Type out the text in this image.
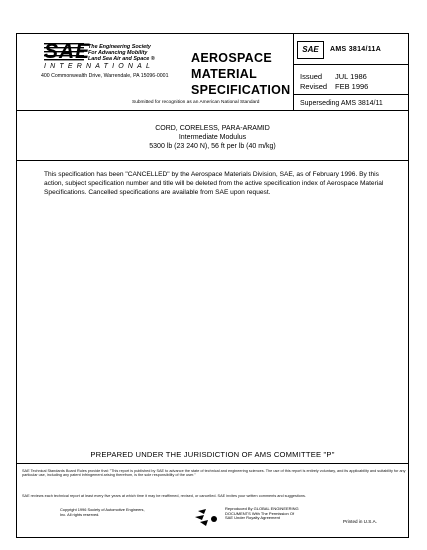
SAE
The Engineering Society
For Advancing Mobility
Land Sea Air and Space ®
INTERNATIONAL
400 Commonwealth Drive, Warrendale, PA 15096-0001
AEROSPACE
MATERIAL
SPECIFICATION
Submitted for recognition as an American National Standard
SAE	AMS 3814/11A
Issued JUL 1986
Revised FEB 1996
Superseding AMS 3814/11
CORD, CORELESS, PARA-ARAMID
Intermediate Modulus
5300 lb (23 240 N), 56 ft per lb (40 m/kg)
This specification has been "CANCELLED" by the Aerospace Materials Division, SAE, as of February 1996. By this action, subject specification number and title will be deleted from the active specification index of Aerospace Material Specifications. Cancelled specifications are available from SAE upon request.
PREPARED UNDER THE JURISDICTION OF AMS COMMITTEE "P"
SAE Technical Standards Board Rules provide that: "This report is published by SAE to advance the state of technical and engineering sciences. The use of this report is entirely voluntary, and its applicability and suitability for any particular use, including any patent infringement arising therefrom, is the sole responsibility of the user."
SAE reviews each technical report at least every five years at which time it may be reaffirmed, revised, or cancelled. SAE invites your written comments and suggestions.
Copyright 1996 Society of Automotive Engineers, Inc. All rights reserved.
Reproduced By GLOBAL ENGINEERING DOCUMENTS With The Permission Of SAE Under Royalty Agreement
Printed in U.S.A.
